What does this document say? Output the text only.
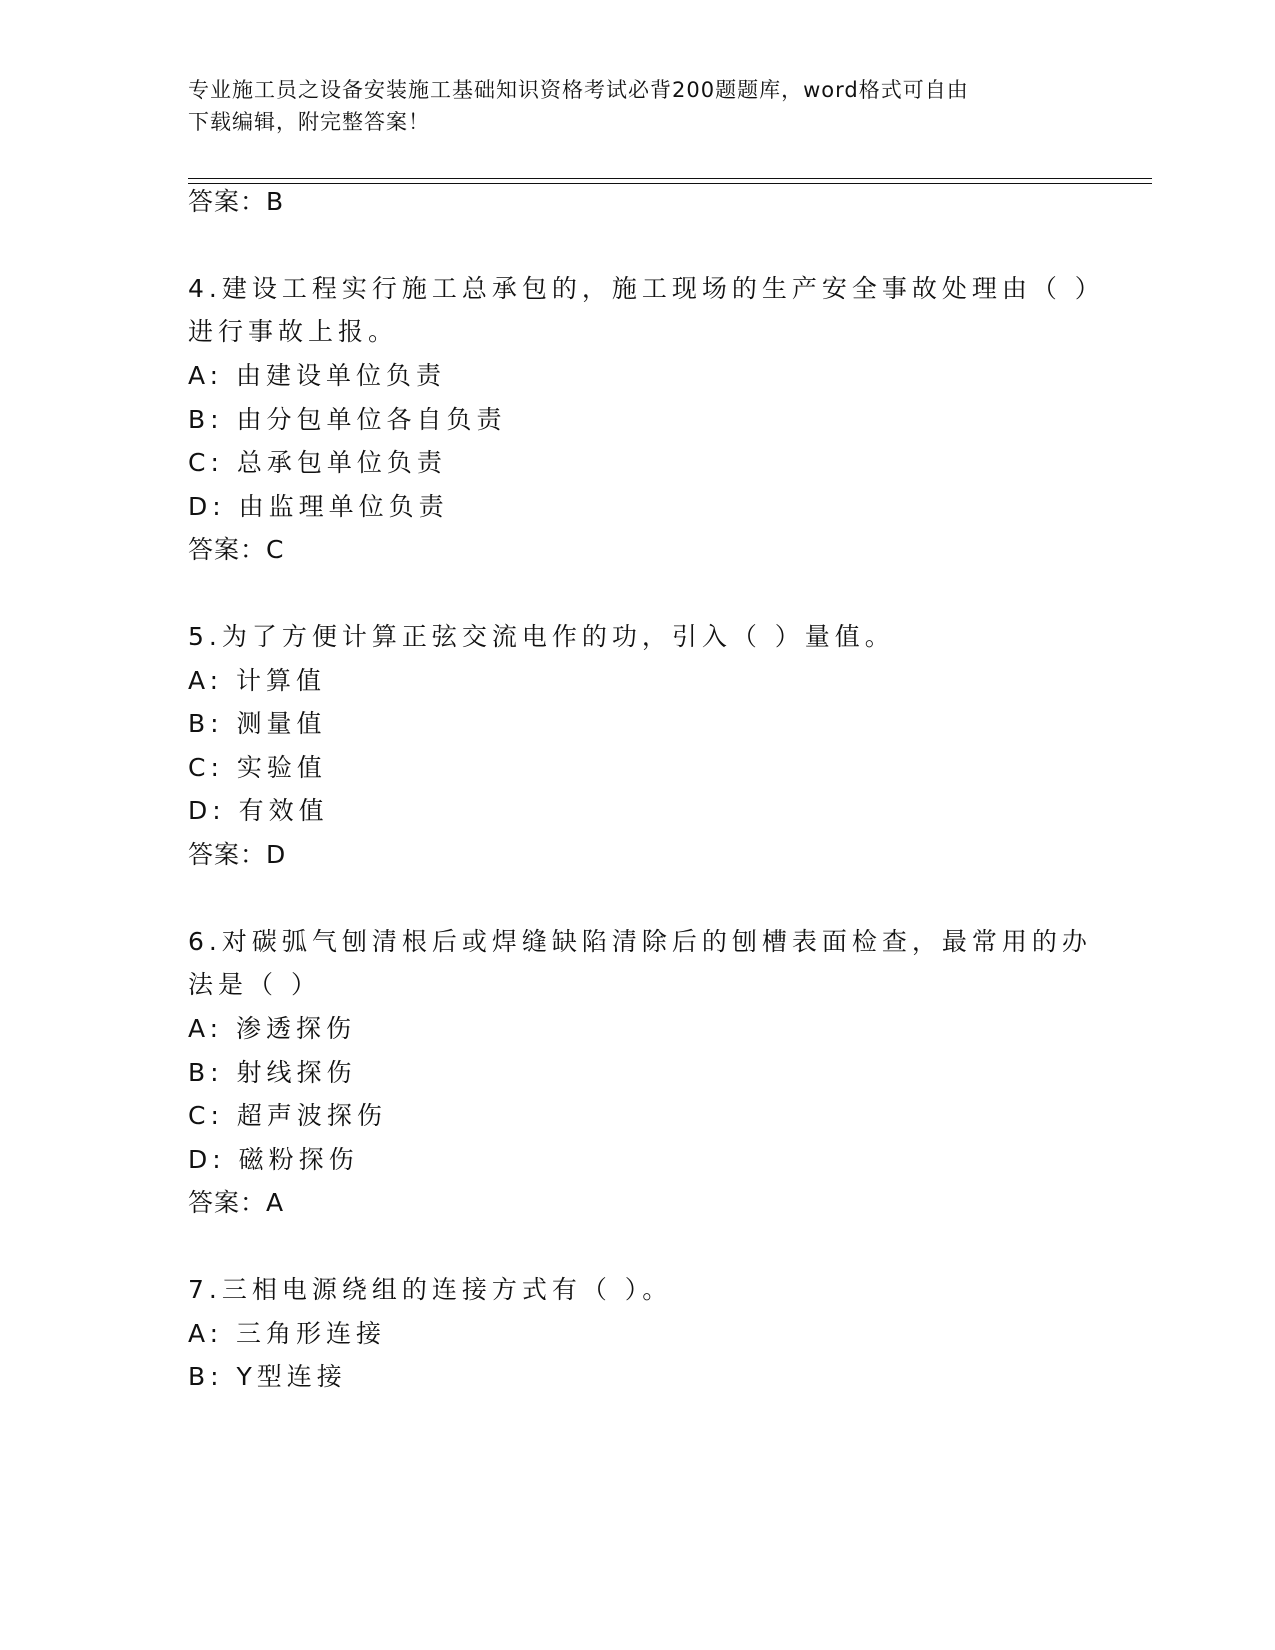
专业施工员之设备安装施工基础知识资格考试必背200题题库，word格式可自由
下载编辑，附完整答案！
答案：B
4.建设工程实行施工总承包的，施工现场的生产安全事故处理由（ ）
进行事故上报。
A: 由建设单位负责
B: 由分包单位各自负责
C: 总承包单位负责
D: 由监理单位负责
答案：C
5.为了方便计算正弦交流电作的功，引入（ ）量值。
A: 计算值
B: 测量值
C: 实验值
D: 有效值
答案：D
6.对碳弧气刨清根后或焊缝缺陷清除后的刨槽表面检查，最常用的办
法是（ ）
A: 渗透探伤
B: 射线探伤
C: 超声波探伤
D: 磁粉探伤
答案：A
7.三相电源绕组的连接方式有（ ）。
A: 三角形连接
B: Y型连接
